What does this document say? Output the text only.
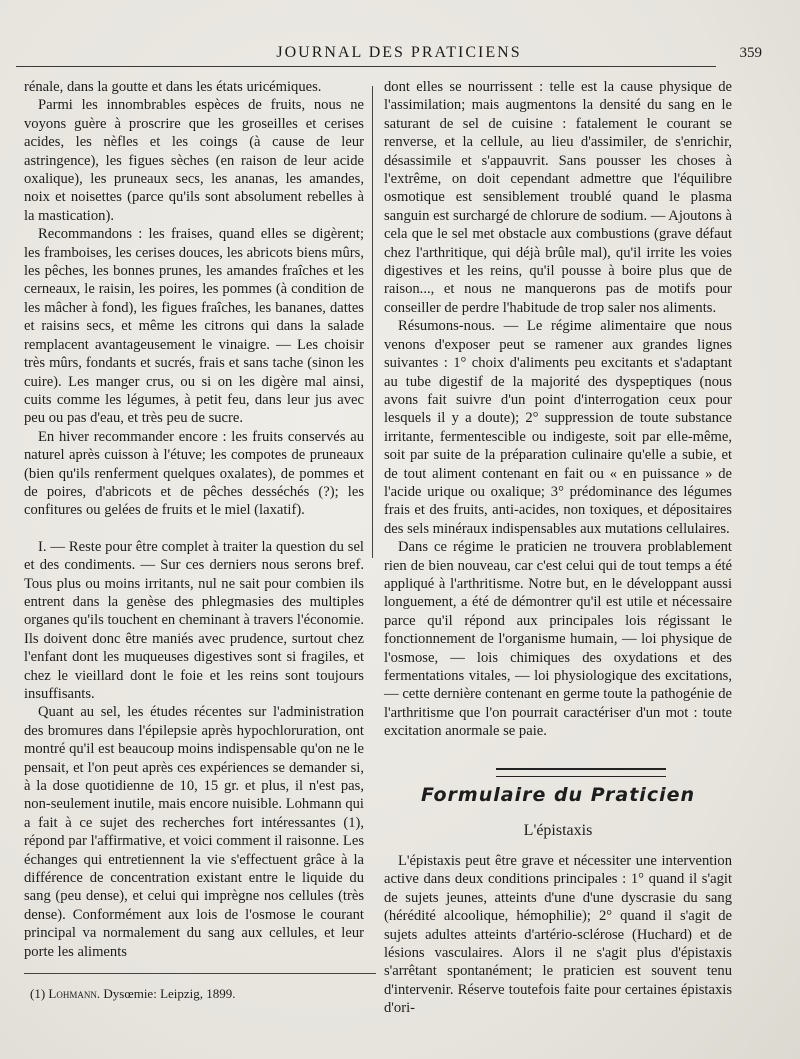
JOURNAL DES PRATICIENS	359

rénale, dans la goutte et dans les états uricémiques.

Parmi les innombrables espèces de fruits, nous ne voyons guère à proscrire que les groseilles et cerises acides, les nèfles et les coings (à cause de leur astringence), les figues sèches (en raison de leur acide oxalique), les pruneaux secs, les ananas, les amandes, noix et noisettes (parce qu'ils sont absolument rebelles à la mastication).

Recommandons : les fraises, quand elles se digèrent; les framboises, les cerises douces, les abricots biens mûrs, les pêches, les bonnes prunes, les amandes fraîches et les cerneaux, le raisin, les poires, les pommes (à condition de les mâcher à fond), les figues fraîches, les bananes, dattes et raisins secs, et même les citrons qui dans la salade remplacent avantageusement le vinaigre. — Les choisir très mûrs, fondants et sucrés, frais et sans tache (sinon les cuire). Les manger crus, ou si on les digère mal ainsi, cuits comme les légumes, à petit feu, dans leur jus avec peu ou pas d'eau, et très peu de sucre.

En hiver recommander encore : les fruits conservés au naturel après cuisson à l'étuve; les compotes de pruneaux (bien qu'ils renferment quelques oxalates), de pommes et de poires, d'abricots et de pêches desséchés (?); les confitures ou gelées de fruits et le miel (laxatif).

I. — Reste pour être complet à traiter la question du sel et des condiments. — Sur ces derniers nous serons bref. Tous plus ou moins irritants, nul ne sait pour combien ils entrent dans la genèse des phlegmasies des multiples organes qu'ils touchent en cheminant à travers l'économie. Ils doivent donc être maniés avec prudence, surtout chez l'enfant dont les muqueuses digestives sont si fragiles, et chez le vieillard dont le foie et les reins sont toujours insuffisants.

Quant au sel, les études récentes sur l'administration des bromures dans l'épilepsie après hypochloruration, ont montré qu'il est beaucoup moins indispensable qu'on ne le pensait, et l'on peut après ces expériences se demander si, à la dose quotidienne de 10, 15 gr. et plus, il n'est pas, non-seulement inutile, mais encore nuisible. Lohmann qui a fait à ce sujet des recherches fort intéressantes (1), répond par l'affirmative, et voici comment il raisonne. Les échanges qui entretiennent la vie s'effectuent grâce à la différence de concentration existant entre le liquide du sang (peu dense), et celui qui imprègne nos cellules (très dense). Conformément aux lois de l'osmose le courant principal va normalement du sang aux cellules, et leur porte les aliments

dont elles se nourrissent : telle est la cause physique de l'assimilation; mais augmentons la densité du sang en le saturant de sel de cuisine : fatalement le courant se renverse, et la cellule, au lieu d'assimiler, de s'enrichir, désassimile et s'appauvrit. Sans pousser les choses à l'extrême, on doit cependant admettre que l'équilibre osmotique est sensiblement troublé quand le plasma sanguin est surchargé de chlorure de sodium. — Ajoutons à cela que le sel met obstacle aux combustions (grave défaut chez l'arthritique, qui déjà brûle mal), qu'il irrite les voies digestives et les reins, qu'il pousse à boire plus que de raison..., et nous ne manquerons pas de motifs pour conseiller de perdre l'habitude de trop saler nos aliments.

Résumons-nous. — Le régime alimentaire que nous venons d'exposer peut se ramener aux grandes lignes suivantes : 1° choix d'aliments peu excitants et s'adaptant au tube digestif de la majorité des dyspeptiques (nous avons fait suivre d'un point d'interrogation ceux pour lesquels il y a doute); 2° suppression de toute substance irritante, fermentescible ou indigeste, soit par elle-même, soit par suite de la préparation culinaire qu'elle a subie, et de tout aliment contenant en fait ou « en puissance » de l'acide urique ou oxalique; 3° prédominance des légumes frais et des fruits, anti-acides, non toxiques, et dépositaires des sels minéraux indispensables aux mutations cellulaires.

Dans ce régime le praticien ne trouvera problablement rien de bien nouveau, car c'est celui qui de tout temps a été appliqué à l'arthritisme. Notre but, en le développant aussi longuement, a été de démontrer qu'il est utile et nécessaire parce qu'il répond aux principales lois régissant le fonctionnement de l'organisme humain, — loi physique de l'osmose, — lois chimiques des oxydations et des fermentations vitales, — loi physiologique des excitations, — cette dernière contenant en germe toute la pathogénie de l'arthritisme que l'on pourrait caractériser d'un mot : toute excitation anormale se paie.

Formulaire du Praticien
L'épistaxis

L'épistaxis peut être grave et nécessiter une intervention active dans deux conditions principales : 1° quand il s'agit de sujets jeunes, atteints d'une d'une dyscrasie du sang (hérédité alcoolique, hémophilie); 2° quand il s'agit de sujets adultes atteints d'artério-sclérose (Huchard) et de lésions vasculaires. Alors il ne s'agit plus d'épistaxis s'arrêtant spontanément; le praticien est souvent tenu d'intervenir. Réserve toutefois faite pour certaines épistaxis d'ori-

(1) Lohmann. Dysœmie: Leipzig, 1899.
